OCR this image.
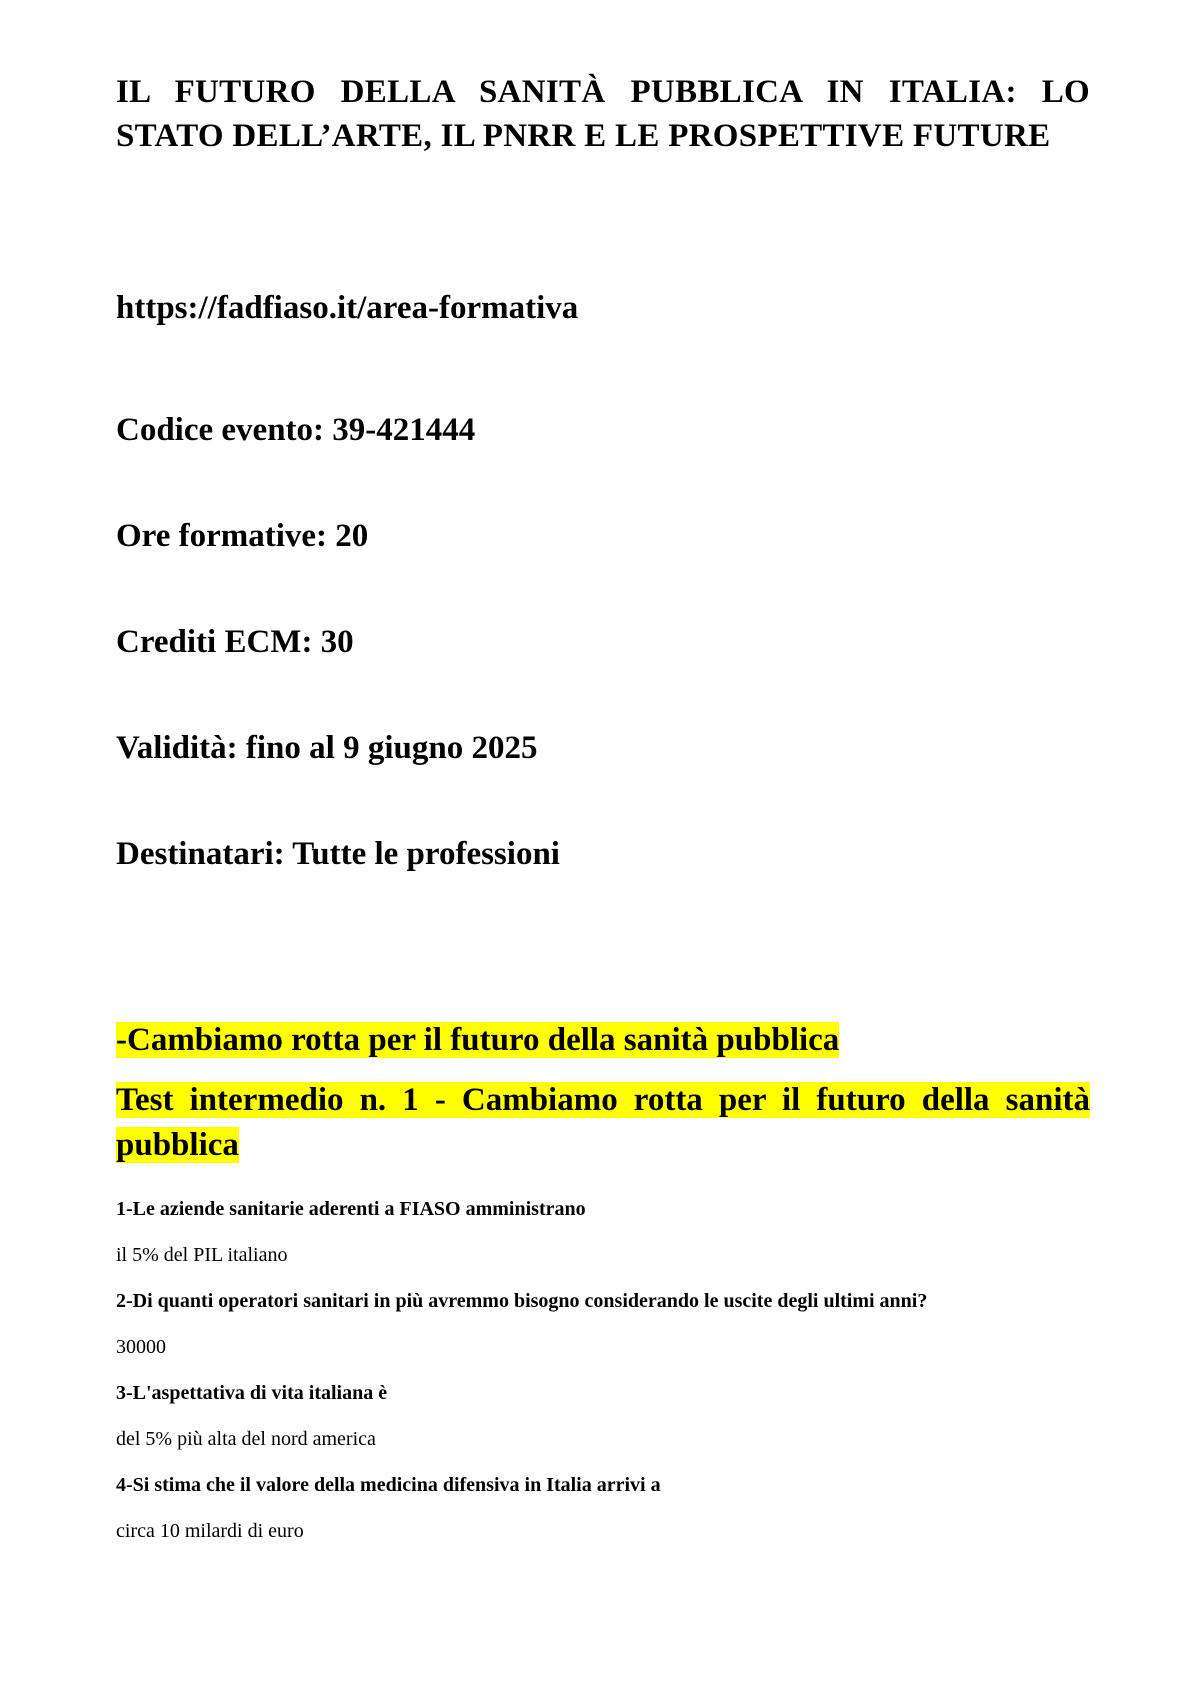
IL FUTURO DELLA SANITÀ PUBBLICA IN ITALIA: LO STATO DELL’ARTE, IL PNRR E LE PROSPETTIVE FUTURE

https://fadfiaso.it/area-formativa

Codice evento: 39-421444

Ore formative: 20

Crediti ECM: 30

Validità: fino al 9 giugno 2025

Destinatari: Tutte le professioni

-Cambiamo rotta per il futuro della sanità pubblica

Test intermedio n. 1 - Cambiamo rotta per il futuro della sanità pubblica

1-Le aziende sanitarie aderenti a FIASO amministrano

il 5% del PIL italiano

2-Di quanti operatori sanitari in più avremmo bisogno considerando le uscite degli ultimi anni?

30000

3-L'aspettativa di vita italiana è

del 5% più alta del nord america

4-Si stima che il valore della medicina difensiva in Italia arrivi a

circa 10 milardi di euro
